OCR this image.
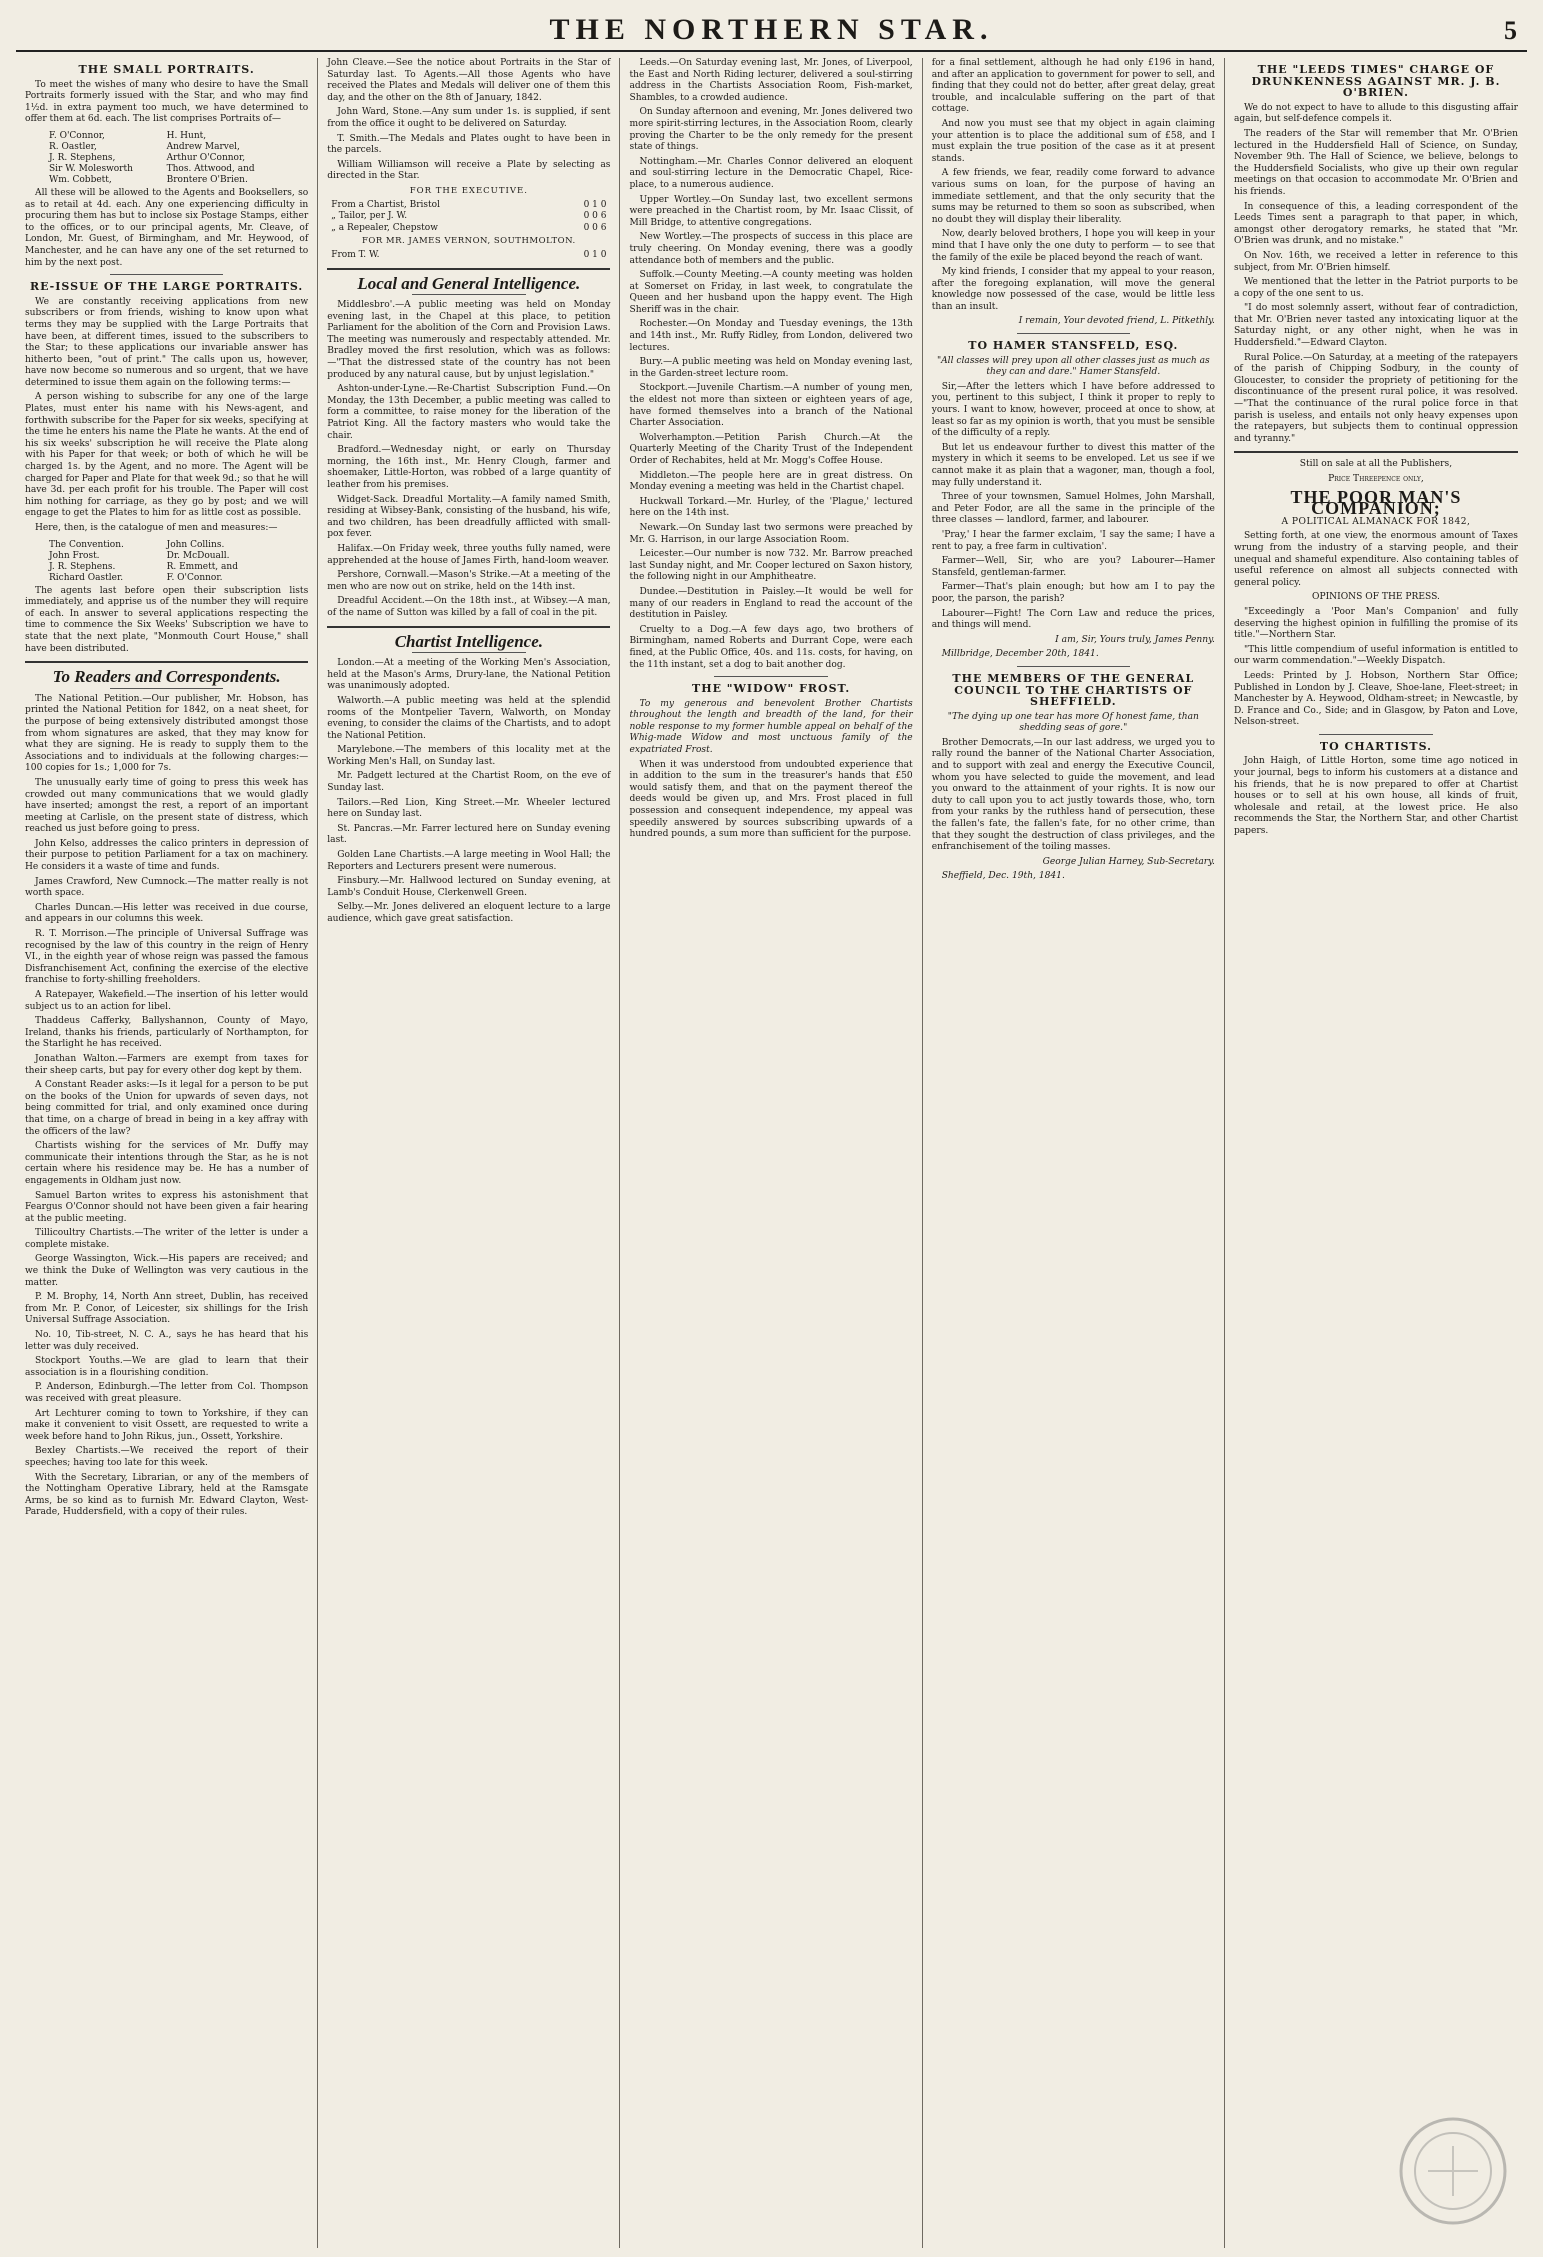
THE NORTHERN STAR.	5
THE SMALL PORTRAITS.

To meet the wishes of many who desire to have the Small Portraits formerly issued with the Star, and who may find 1½d. in extra payment too much, we have determined to offer them at 6d. each. The list comprises Portraits of—

F. O'Connor,	H. Hunt,
R. Oastler,	Andrew Marvel,
J. R. Stephens,	Arthur O'Connor,
Sir W. Molesworth	Thos. Attwood, and
Wm. Cobbett,	Brontere O'Brien.

All these will be allowed to the Agents and Booksellers, so as to retail at 4d. each. Any one experiencing difficulty in procuring them has but to inclose six Postage Stamps, either to the offices, or to our principal agents, Mr. Cleave, of London, Mr. Guest, of Birmingham, and Mr. Heywood, of Manchester, and he can have any one of the set returned to him by the next post.

RE-ISSUE OF THE LARGE PORTRAITS.

We are constantly receiving applications from new subscribers or from friends, wishing to know upon what terms they may be supplied with the Large Portraits that have been, at different times, issued to the subscribers to the Star; to these applications our invariable answer has hitherto been, "out of print." The calls upon us, however, have now become so numerous and so urgent, that we have determined to issue them again on the following terms:—

A person wishing to subscribe for any one of the large Plates, must enter his name with his News-agent, and forthwith subscribe for the Paper for six weeks, specifying at the time he enters his name the Plate he wants. At the end of his six weeks' subscription he will receive the Plate along with his Paper for that week; or both of which he will be charged 1s. by the Agent, and no more. The Agent will be charged for Paper and Plate for that week 9d.; so that he will have 3d. per each profit for his trouble. The Paper will cost him nothing for carriage, as they go by post; and we will engage to get the Plates to him for as little cost as possible.

Here, then, is the catalogue of men and measures:—

The Convention.	John Collins.
John Frost.	Dr. McDouall.
J. R. Stephens.	R. Emmett, and
Richard Oastler.	F. O'Connor.

The agents last before open their subscription lists immediately, and apprise us of the number they will require of each. In answer to several applications respecting the time to commence the Six Weeks' Subscription we have to state that the next plate, "Monmouth Court House," shall have been distributed.

To Readers and Correspondents.

The National Petition.—Our publisher, Mr. Hobson, has printed the National Petition for 1842, on a neat sheet, for the purpose of being extensively distributed amongst those from whom signatures are asked, that they may know for what they are signing. He is ready to supply them to the Associations and to individuals at the following charges:—100 copies for 1s.; 1,000 for 7s.

The unusually early time of going to press this week has crowded out many communications that we would gladly have inserted; amongst the rest, a report of an important meeting at Carlisle, on the present state of distress, which reached us just before going to press.

John Kelso, addresses the calico printers in depression of their purpose to petition Parliament for a tax on machinery. He considers it a waste of time and funds.

James Crawford, New Cumnock.—The matter really is not worth space.

Charles Duncan.—His letter was received in due course, and appears in our columns this week.

R. T. Morrison.—The principle of Universal Suffrage was recognised by the law of this country in the reign of Henry VI., in the eighth year of whose reign was passed the famous Disfranchisement Act, confining the exercise of the elective franchise to forty-shilling freeholders.

A Ratepayer, Wakefield.—The insertion of his letter would subject us to an action for libel.

Thaddeus Cafferky, Ballyshannon, County of Mayo, Ireland, thanks his friends, particularly of Northampton, for the Starlight he has received.

Jonathan Walton.—Farmers are exempt from taxes for their sheep carts, but pay for every other dog kept by them.

A Constant Reader asks:—Is it legal for a person to be put on the books of the Union for upwards of seven days, not being committed for trial, and only examined once during that time, on a charge of bread in being in a key affray with the officers of the law?

Chartists wishing for the services of Mr. Duffy may communicate their intentions through the Star, as he is not certain where his residence may be. He has a number of engagements in Oldham just now.

Samuel Barton writes to express his astonishment that Feargus O'Connor should not have been given a fair hearing at the public meeting.

Tillicoultry Chartists.—The writer of the letter is under a complete mistake.

George Wassington, Wick.—His papers are received; and we think the Duke of Wellington was very cautious in the matter.

P. M. Brophy, 14, North Ann street, Dublin, has received from Mr. P. Conor, of Leicester, six shillings for the Irish Universal Suffrage Association.

No. 10, Tib-street, N. C. A., says he has heard that his letter was duly received.

Stockport Youths.—We are glad to learn that their association is in a flourishing condition.

P. Anderson, Edinburgh.—The letter from Col. Thompson was received with great pleasure.

Art Lechturer coming to town to Yorkshire, if they can make it convenient to visit Ossett, are requested to write a week before hand to John Rikus, jun., Ossett, Yorkshire.

Bexley Chartists.—We received the report of their speeches; having too late for this week.

With the Secretary, Librarian, or any of the members of the Nottingham Operative Library, held at the Ramsgate Arms, be so kind as to furnish Mr. Edward Clayton, West-Parade, Huddersfield, with a copy of their rules.

John Cleave.—See the notice about Portraits in the Star of Saturday last. To Agents.—All those Agents who have received the Plates and Medals will deliver one of them this day, and the other on the 8th of January, 1842.

John Ward, Stone.—Any sum under 1s. is supplied, if sent from the office it ought to be delivered on Saturday.

T. Smith.—The Medals and Plates ought to have been in the parcels.

William Williamson will receive a Plate by selecting as directed in the Star.

FOR THE EXECUTIVE.
From a Chartist, Bristol	0 1 0
„ Tailor, per J. W.	0 0 6
„ a Repealer, Chepstow	0 0 6
FOR MR. JAMES VERNON, SOUTHMOLTON.
From T. W.	0 1 0
Local and General Intelligence.

Middlesbro'.—A public meeting was held on Monday evening last, in the Chapel at this place, to petition Parliament for the abolition of the Corn and Provision Laws. The meeting was numerously and respectably attended. Mr. Bradley moved the first resolution, which was as follows:—"That the distressed state of the country has not been produced by any natural cause, but by unjust legislation."

Ashton-under-Lyne.—Re-Chartist Subscription Fund.—On Monday, the 13th December, a public meeting was called to form a committee, to raise money for the liberation of the Patriot King. All the factory masters who would take the chair.

Bradford.—Wednesday night, or early on Thursday morning, the 16th inst., Mr. Henry Clough, farmer and shoemaker, Little-Horton, was robbed of a large quantity of leather from his premises.

Widget-Sack. Dreadful Mortality.—A family named Smith, residing at Wibsey-Bank, consisting of the husband, his wife, and two children, has been dreadfully afflicted with small-pox fever.

Halifax.—On Friday week, three youths fully named, were apprehended at the house of James Firth, hand-loom weaver.

Pershore, Cornwall.—Mason's Strike.—At a meeting of the men who are now out on strike, held on the 14th inst.

Dreadful Accident.—On the 18th inst., at Wibsey.—A man, of the name of Sutton was killed by a fall of coal in the pit.

Chartist Intelligence.

London.—At a meeting of the Working Men's Association, held at the Mason's Arms, Drury-lane, the National Petition was unanimously adopted.

Walworth.—A public meeting was held at the splendid rooms of the Montpelier Tavern, Walworth, on Monday evening, to consider the claims of the Chartists, and to adopt the National Petition.

Marylebone.—The members of this locality met at the Working Men's Hall, on Sunday last.

Mr. Padgett lectured at the Chartist Room, on the eve of Sunday last.

Tailors.—Red Lion, King Street.—Mr. Wheeler lectured here on Sunday last.

St. Pancras.—Mr. Farrer lectured here on Sunday evening last.

Golden Lane Chartists.—A large meeting in Wool Hall; the Reporters and Lecturers present were numerous.

Finsbury.—Mr. Hallwood lectured on Sunday evening, at Lamb's Conduit House, Clerkenwell Green.

Selby.—Mr. Jones delivered an eloquent lecture to a large audience, which gave great satisfaction.

Leeds.—On Saturday evening last, Mr. Jones, of Liverpool, the East and North Riding lecturer, delivered a soul-stirring address in the Chartists Association Room, Fish-market, Shambles, to a crowded audience.

On Sunday afternoon and evening, Mr. Jones delivered two more spirit-stirring lectures, in the Association Room, clearly proving the Charter to be the only remedy for the present state of things.

Nottingham.—Mr. Charles Connor delivered an eloquent and soul-stirring lecture in the Democratic Chapel, Rice-place, to a numerous audience.

Upper Wortley.—On Sunday last, two excellent sermons were preached in the Chartist room, by Mr. Isaac Clissit, of Mill Bridge, to attentive congregations.

New Wortley.—The prospects of success in this place are truly cheering. On Monday evening, there was a goodly attendance both of members and the public.

Suffolk.—County Meeting.—A county meeting was holden at Somerset on Friday, in last week, to congratulate the Queen and her husband upon the happy event. The High Sheriff was in the chair.

Rochester.—On Monday and Tuesday evenings, the 13th and 14th inst., Mr. Ruffy Ridley, from London, delivered two lectures.

Bury.—A public meeting was held on Monday evening last, in the Garden-street lecture room.

Stockport.—Juvenile Chartism.—A number of young men, the eldest not more than sixteen or eighteen years of age, have formed themselves into a branch of the National Charter Association.

Wolverhampton.—Petition Parish Church.—At the Quarterly Meeting of the Charity Trust of the Independent Order of Rechabites, held at Mr. Mogg's Coffee House.

Middleton.—The people here are in great distress. On Monday evening a meeting was held in the Chartist chapel.

Huckwall Torkard.—Mr. Hurley, of the 'Plague,' lectured here on the 14th inst.

Newark.—On Sunday last two sermons were preached by Mr. G. Harrison, in our large Association Room.

Leicester.—Our number is now 732. Mr. Barrow preached last Sunday night, and Mr. Cooper lectured on Saxon history, the following night in our Amphitheatre.

Dundee.—Destitution in Paisley.—It would be well for many of our readers in England to read the account of the destitution in Paisley.

Cruelty to a Dog.—A few days ago, two brothers of Birmingham, named Roberts and Durrant Cope, were each fined, at the Public Office, 40s. and 11s. costs, for having, on the 11th instant, set a dog to bait another dog.

THE "WIDOW" FROST.

To my generous and benevolent Brother Chartists throughout the length and breadth of the land, for their noble response to my former humble appeal on behalf of the Whig-made Widow and most unctuous family of the expatriated Frost.

When it was understood from undoubted experience that in addition to the sum in the treasurer's hands that £50 would satisfy them, and that on the payment thereof the deeds would be given up, and Mrs. Frost placed in full possession and consequent independence, my appeal was speedily answered by sources subscribing upwards of a hundred pounds, a sum more than sufficient for the purpose.

for a final settlement, although he had only £196 in hand, and after an application to government for power to sell, and finding that they could not do better, after great delay, great trouble, and incalculable suffering on the part of that cottage.

And now you must see that my object in again claiming your attention is to place the additional sum of £58, and I must explain the true position of the case as it at present stands.

A few friends, we fear, readily come forward to advance various sums on loan, for the purpose of having an immediate settlement, and that the only security that the sums may be returned to them so soon as subscribed, when no doubt they will display their liberality.

Now, dearly beloved brothers, I hope you will keep in your mind that I have only the one duty to perform — to see that the family of the exile be placed beyond the reach of want.

My kind friends, I consider that my appeal to your reason, after the foregoing explanation, will move the general knowledge now possessed of the case, would be little less than an insult.

I remain, Your devoted friend, L. Pitkethly.

TO HAMER STANSFELD, ESQ.

"All classes will prey upon all other classes just as much as they can and dare." Hamer Stansfeld.

Sir,—After the letters which I have before addressed to you, pertinent to this subject, I think it proper to reply to yours. I want to know, however, proceed at once to show, at least so far as my opinion is worth, that you must be sensible of the difficulty of a reply.

But let us endeavour further to divest this matter of the mystery in which it seems to be enveloped. Let us see if we cannot make it as plain that a wagoner, man, though a fool, may fully understand it.

Three of your townsmen, Samuel Holmes, John Marshall, and Peter Fodor, are all the same in the principle of the three classes — landlord, farmer, and labourer.

'Pray,' I hear the farmer exclaim, 'I say the same; I have a rent to pay, a free farm in cultivation'.

Farmer—Well, Sir, who are you? Labourer—Hamer Stansfeld, gentleman-farmer.

Farmer—That's plain enough; but how am I to pay the poor, the parson, the parish?

Labourer—Fight! The Corn Law and reduce the prices, and things will mend.

I am, Sir, Yours truly, James Penny.

Millbridge, December 20th, 1841.

THE MEMBERS OF THE GENERAL COUNCIL TO THE CHARTISTS OF SHEFFIELD.

"The dying up one tear has more Of honest fame, than shedding seas of gore."

Brother Democrats,—In our last address, we urged you to rally round the banner of the National Charter Association, and to support with zeal and energy the Executive Council, whom you have selected to guide the movement, and lead you onward to the attainment of your rights. It is now our duty to call upon you to act justly towards those, who, torn from your ranks by the ruthless hand of persecution, these the fallen's fate, the fallen's fate, for no other crime, than that they sought the destruction of class privileges, and the enfranchisement of the toiling masses.

George Julian Harney, Sub-Secretary.

Sheffield, Dec. 19th, 1841.

THE "LEEDS TIMES" CHARGE OF DRUNKENNESS AGAINST MR. J. B. O'BRIEN.

We do not expect to have to allude to this disgusting affair again, but self-defence compels it.

The readers of the Star will remember that Mr. O'Brien lectured in the Huddersfield Hall of Science, on Sunday, November 9th. The Hall of Science, we believe, belongs to the Huddersfield Socialists, who give up their own regular meetings on that occasion to accommodate Mr. O'Brien and his friends.

In consequence of this, a leading correspondent of the Leeds Times sent a paragraph to that paper, in which, amongst other derogatory remarks, he stated that "Mr. O'Brien was drunk, and no mistake."

On Nov. 16th, we received a letter in reference to this subject, from Mr. O'Brien himself.

We mentioned that the letter in the Patriot purports to be a copy of the one sent to us.

"I do most solemnly assert, without fear of contradiction, that Mr. O'Brien never tasted any intoxicating liquor at the Saturday night, or any other night, when he was in Huddersfield."—Edward Clayton.

Rural Police.—On Saturday, at a meeting of the ratepayers of the parish of Chipping Sodbury, in the county of Gloucester, to consider the propriety of petitioning for the discontinuance of the present rural police, it was resolved.—"That the continuance of the rural police force in that parish is useless, and entails not only heavy expenses upon the ratepayers, but subjects them to continual oppression and tyranny."

Still on sale at all the Publishers,

Price Threepence only,

THE POOR MAN'S COMPANION;

A POLITICAL ALMANACK FOR 1842,

Setting forth, at one view, the enormous amount of Taxes wrung from the industry of a starving people, and their unequal and shameful expenditure. Also containing tables of useful reference on almost all subjects connected with general policy.

OPINIONS OF THE PRESS.

"Exceedingly a 'Poor Man's Companion' and fully deserving the highest opinion in fulfilling the promise of its title."—Northern Star.

"This little compendium of useful information is entitled to our warm commendation."—Weekly Dispatch.

Leeds: Printed by J. Hobson, Northern Star Office; Published in London by J. Cleave, Shoe-lane, Fleet-street; in Manchester by A. Heywood, Oldham-street; in Newcastle, by D. France and Co., Side; and in Glasgow, by Paton and Love, Nelson-street.

TO CHARTISTS.

John Haigh, of Little Horton, some time ago noticed in your journal, begs to inform his customers at a distance and his friends, that he is now prepared to offer at Chartist houses or to sell at his own house, all kinds of fruit, wholesale and retail, at the lowest price. He also recommends the Star, the Northern Star, and other Chartist papers.
